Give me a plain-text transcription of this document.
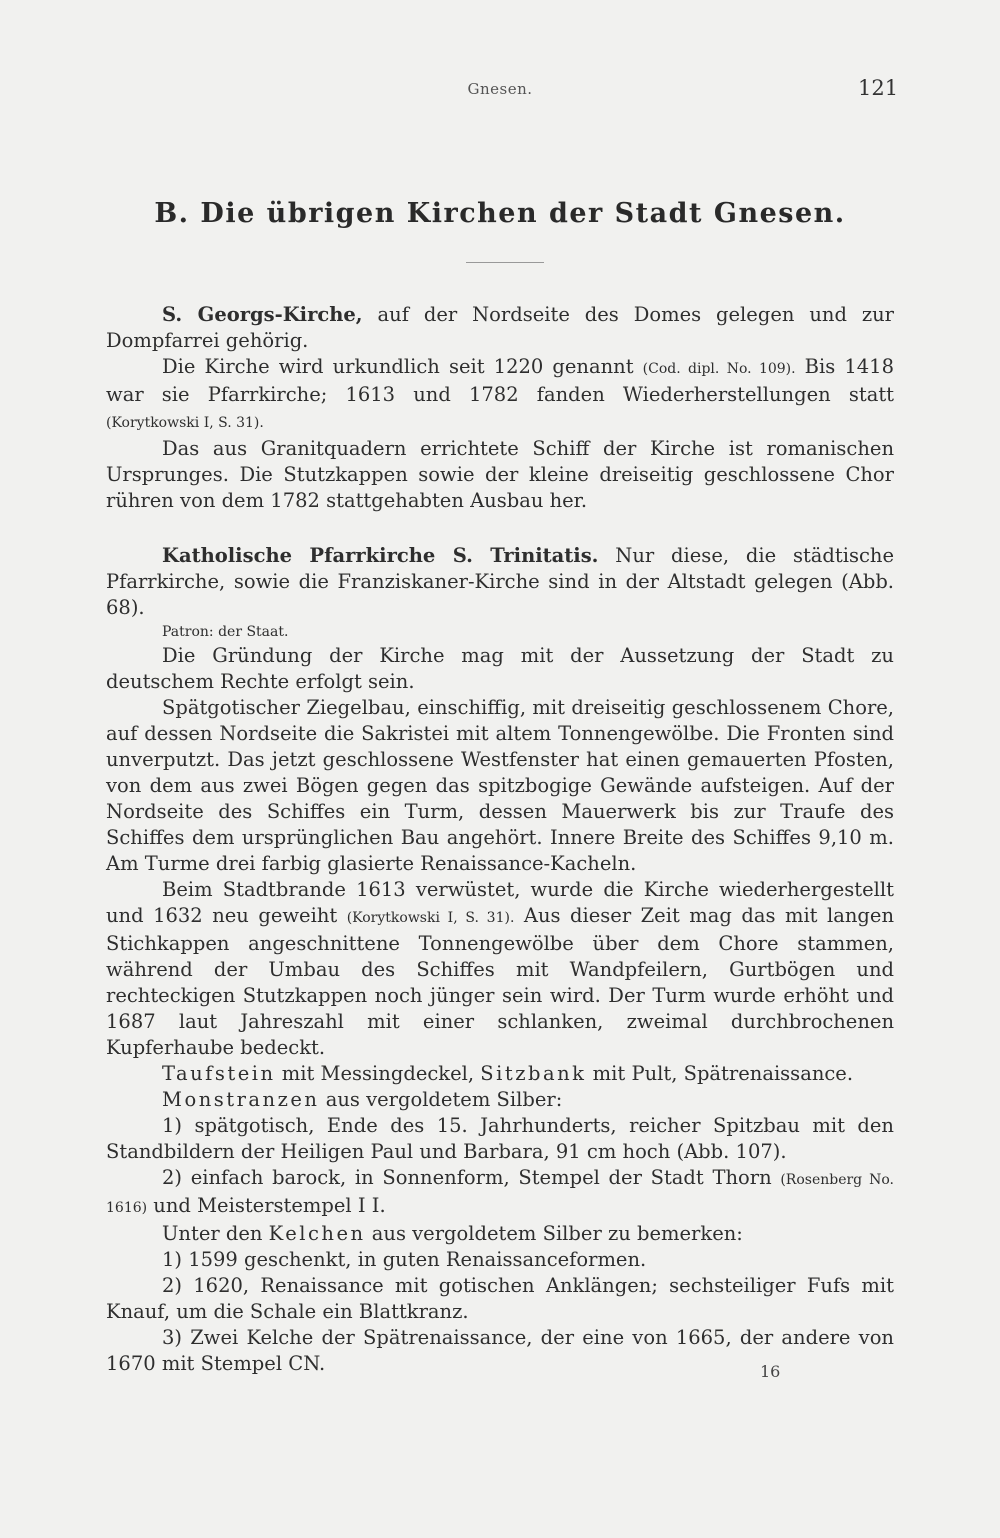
Gnesen.	121
B. Die übrigen Kirchen der Stadt Gnesen.

S. Georgs-Kirche, auf der Nordseite des Domes gelegen und zur Dompfarrei gehörig.

Die Kirche wird urkundlich seit 1220 genannt (Cod. dipl. No. 109). Bis 1418 war sie Pfarrkirche; 1613 und 1782 fanden Wiederherstellungen statt (Korytkowski I, S. 31).

Das aus Granitquadern errichtete Schiff der Kirche ist romanischen Ursprunges. Die Stutzkappen sowie der kleine dreiseitig geschlossene Chor rühren von dem 1782 stattgehabten Ausbau her.

Katholische Pfarrkirche S. Trinitatis. Nur diese, die städtische Pfarrkirche, sowie die Franziskaner-Kirche sind in der Altstadt gelegen (Abb. 68).

Patron: der Staat.

Die Gründung der Kirche mag mit der Aussetzung der Stadt zu deutschem Rechte erfolgt sein.

Spätgotischer Ziegelbau, einschiffig, mit dreiseitig geschlossenem Chore, auf dessen Nordseite die Sakristei mit altem Tonnengewölbe. Die Fronten sind unverputzt. Das jetzt geschlossene Westfenster hat einen gemauerten Pfosten, von dem aus zwei Bögen gegen das spitzbogige Gewände aufsteigen. Auf der Nordseite des Schiffes ein Turm, dessen Mauerwerk bis zur Traufe des Schiffes dem ursprünglichen Bau angehört. Innere Breite des Schiffes 9,10 m. Am Turme drei farbig glasierte Renaissance-Kacheln.

Beim Stadtbrande 1613 verwüstet, wurde die Kirche wiederhergestellt und 1632 neu geweiht (Korytkowski I, S. 31). Aus dieser Zeit mag das mit langen Stichkappen angeschnittene Tonnengewölbe über dem Chore stammen, während der Umbau des Schiffes mit Wandpfeilern, Gurtbögen und rechteckigen Stutzkappen noch jünger sein wird. Der Turm wurde erhöht und 1687 laut Jahreszahl mit einer schlanken, zweimal durchbrochenen Kupferhaube bedeckt.

Taufstein mit Messingdeckel, Sitzbank mit Pult, Spätrenaissance.

Monstranzen aus vergoldetem Silber:

1) spätgotisch, Ende des 15. Jahrhunderts, reicher Spitzbau mit den Standbildern der Heiligen Paul und Barbara, 91 cm hoch (Abb. 107).

2) einfach barock, in Sonnenform, Stempel der Stadt Thorn (Rosenberg No. 1616) und Meisterstempel I I.

Unter den Kelchen aus vergoldetem Silber zu bemerken:

1) 1599 geschenkt, in guten Renaissanceformen.

2) 1620, Renaissance mit gotischen Anklängen; sechsteiliger Fufs mit Knauf, um die Schale ein Blattkranz.

3) Zwei Kelche der Spätrenaissance, der eine von 1665, der andere von 1670 mit Stempel CN.	16
